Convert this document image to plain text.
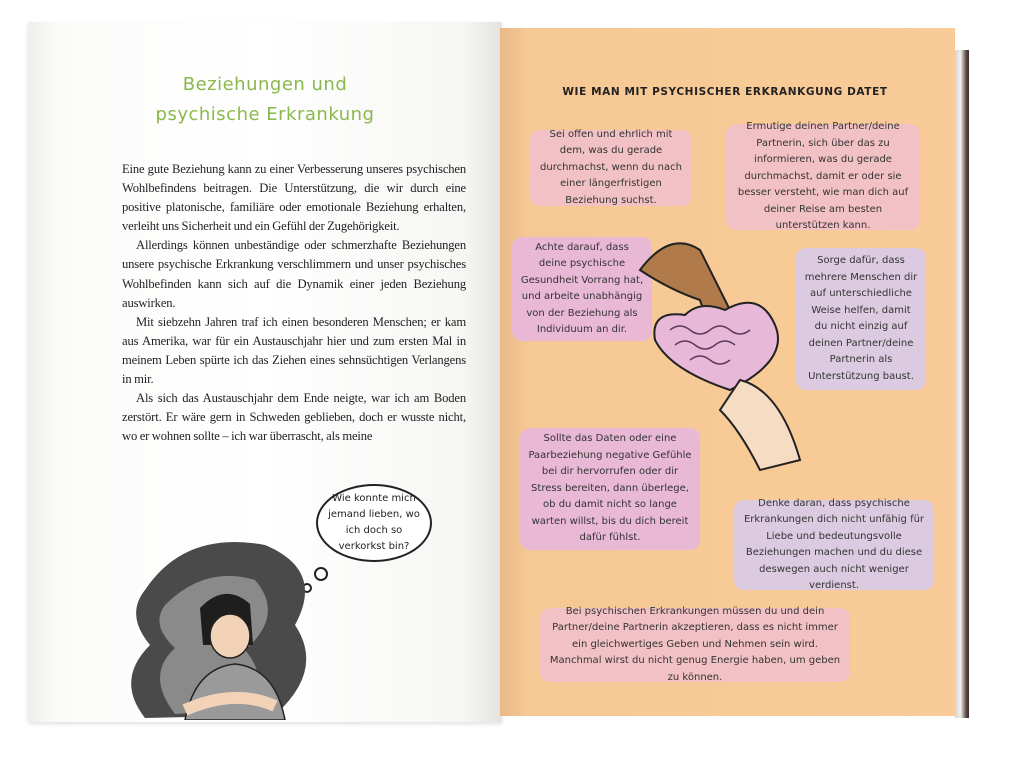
Beziehungen und
psychische Erkrankung

Eine gute Beziehung kann zu einer Verbesserung unseres psychischen Wohlbefindens beitragen. Die Unterstützung, die wir durch eine positive platonische, familiäre oder emotionale Beziehung erhalten, verleiht uns Sicherheit und ein Gefühl der Zugehörigkeit.

Allerdings können unbeständige oder schmerzhafte Beziehungen unsere psychische Erkrankung verschlimmern und unser psychisches Wohlbefinden kann sich auf die Dynamik einer jeden Beziehung auswirken.

Mit siebzehn Jahren traf ich einen besonderen Menschen; er kam aus Amerika, war für ein Austauschjahr hier und zum ersten Mal in meinem Leben spürte ich das Ziehen eines sehnsüchtigen Verlangens in mir.

Als sich das Austauschjahr dem Ende neigte, war ich am Boden zerstört. Er wäre gern in Schweden geblieben, doch er wusste nicht, wo er wohnen sollte – ich war überrascht, als meine

Wie konnte mich jemand lieben, wo ich doch so verkorkst bin?
WIE MAN MIT PSYCHISCHER ERKRANKGUNG DATET
Sei offen und ehrlich mit dem, was du gerade durchmachst, wenn du nach einer längerfristigen Beziehung suchst.
Ermutige deinen Partner/deine Partnerin, sich über das zu informieren, was du gerade durchmachst, damit er oder sie besser versteht, wie man dich auf deiner Reise am besten unterstützen kann.
Achte darauf, dass deine psychische Gesundheit Vorrang hat, und arbeite unabhängig von der Beziehung als Individuum an dir.
Sorge dafür, dass mehrere Menschen dir auf unterschiedliche Weise helfen, damit du nicht einzig auf deinen Partner/deine Partnerin als Unterstützung baust.
Sollte das Daten oder eine Paarbeziehung negative Gefühle bei dir hervorrufen oder dir Stress bereiten, dann überlege, ob du damit nicht so lange warten willst, bis du dich bereit dafür fühlst.
Denke daran, dass psychische Erkrankungen dich nicht unfähig für Liebe und bedeutungsvolle Beziehungen machen und du diese deswegen auch nicht weniger verdienst.
Bei psychischen Erkrankungen müssen du und dein Partner/deine Partnerin akzeptieren, dass es nicht immer ein gleichwertiges Geben und Nehmen sein wird. Manchmal wirst du nicht genug Energie haben, um geben zu können.
